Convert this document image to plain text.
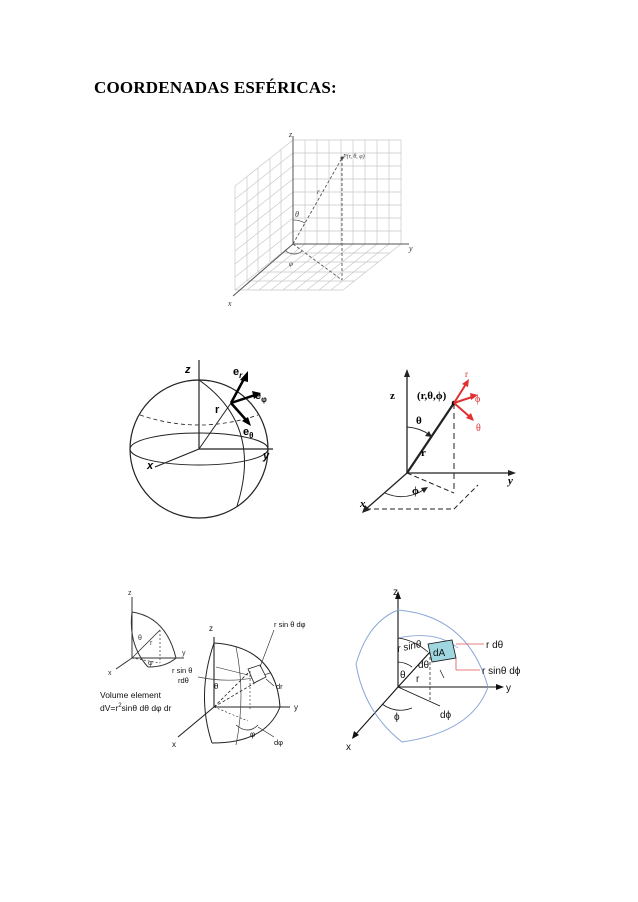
COORDENADAS ESFÉRICAS:
z
P(r, θ, φ)
r
θ
y
φ
x
z	$e_r$
$e_\varphi$
r
$e_\theta$
y
x
z (r,θ,ϕ)
θ
r
ϕ
y
x
r
ϕ
θ
z
θ
r
y
φ
x
Volume element
$dV=r^2\sin\theta$ dθ dφ dr
z	r sin θ dφ
r sin θ
rdθ
θ	dr
y
φ
dφ
x
z
r sinθ dA
dθ
θ r
r dθ
r sinθ dϕ
y
ϕ	dϕ
x
